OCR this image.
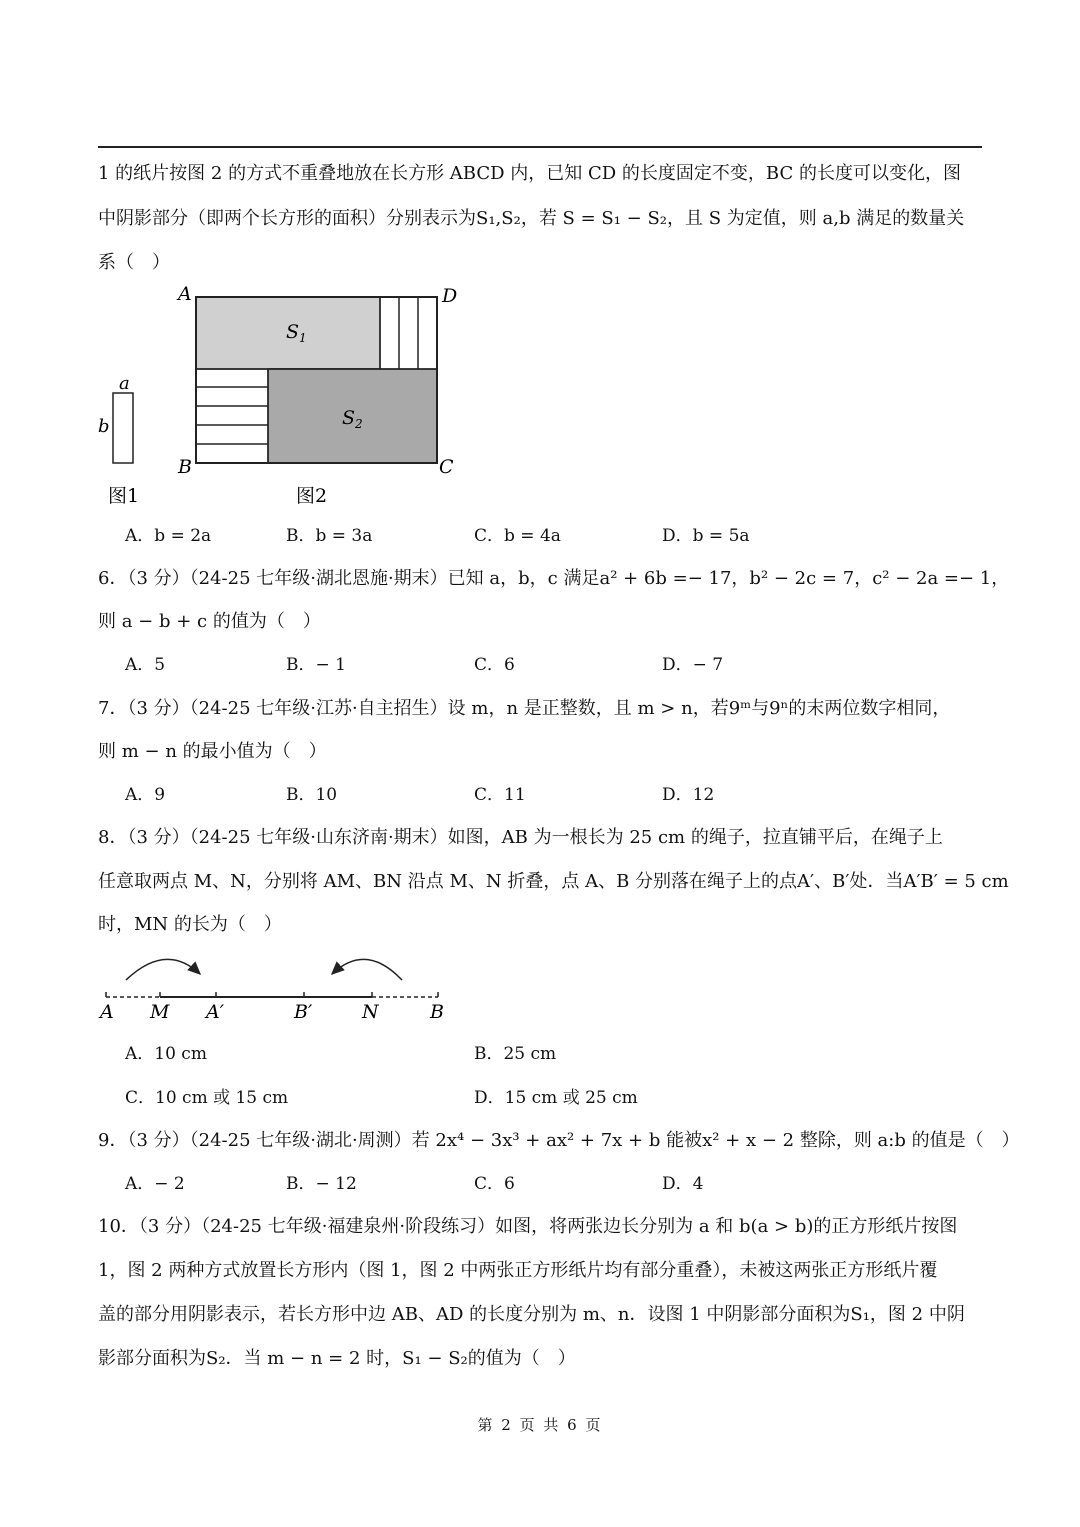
1 的纸片按图 2 的方式不重叠地放在长方形 ABCD 内，已知 CD 的长度固定不变，BC 的长度可以变化，图
中阴影部分（即两个长方形的面积）分别表示为S₁,S₂，若 S = S₁ − S₂，且 S 为定值，则 a,b 满足的数量关
系（　）
a
b
图1
A	D
B	C
$S_1$
$S_2$
图2
A．b = 2a	B．b = 3a	C．b = 4a	D．b = 5a
6．（3 分）（24-25 七年级·湖北恩施·期末）已知 a，b，c 满足a² + 6b =− 17，b² − 2c = 7，c² − 2a =− 1，
则 a − b + c 的值为（　）
A．5	B．− 1	C．6	D．− 7
7．（3 分）（24-25 七年级·江苏·自主招生）设 m，n 是正整数，且 m > n，若9ᵐ与9ⁿ的末两位数字相同，
则 m − n 的最小值为（　）
A．9	B．10	C．11	D．12
8．（3 分）（24-25 七年级·山东济南·期末）如图，AB 为一根长为 25 cm 的绳子，拉直铺平后，在绳子上
任意取两点 M、N，分别将 AM、BN 沿点 M、N 折叠，点 A、B 分别落在绳子上的点A′、B′处．当A′B′ = 5 cm
时，MN 的长为（　）
A M A′	B′	N	B
A．10 cm	B．25 cm
C．10 cm 或 15 cm	D．15 cm 或 25 cm
9．（3 分）（24-25 七年级·湖北·周测）若 2x⁴ − 3x³ + ax² + 7x + b 能被x² + x − 2 整除，则 a:b 的值是（　）
A．− 2	B．− 12	C．6	D．4
10．（3 分）（24-25 七年级·福建泉州·阶段练习）如图，将两张边长分别为 a 和 b(a > b)的正方形纸片按图
1，图 2 两种方式放置长方形内（图 1，图 2 中两张正方形纸片均有部分重叠），未被这两张正方形纸片覆
盖的部分用阴影表示，若长方形中边 AB、AD 的长度分别为 m、n．设图 1 中阴影部分面积为S₁，图 2 中阴
影部分面积为S₂．当 m − n = 2 时，S₁ − S₂的值为（　）
第 2 页 共 6 页
